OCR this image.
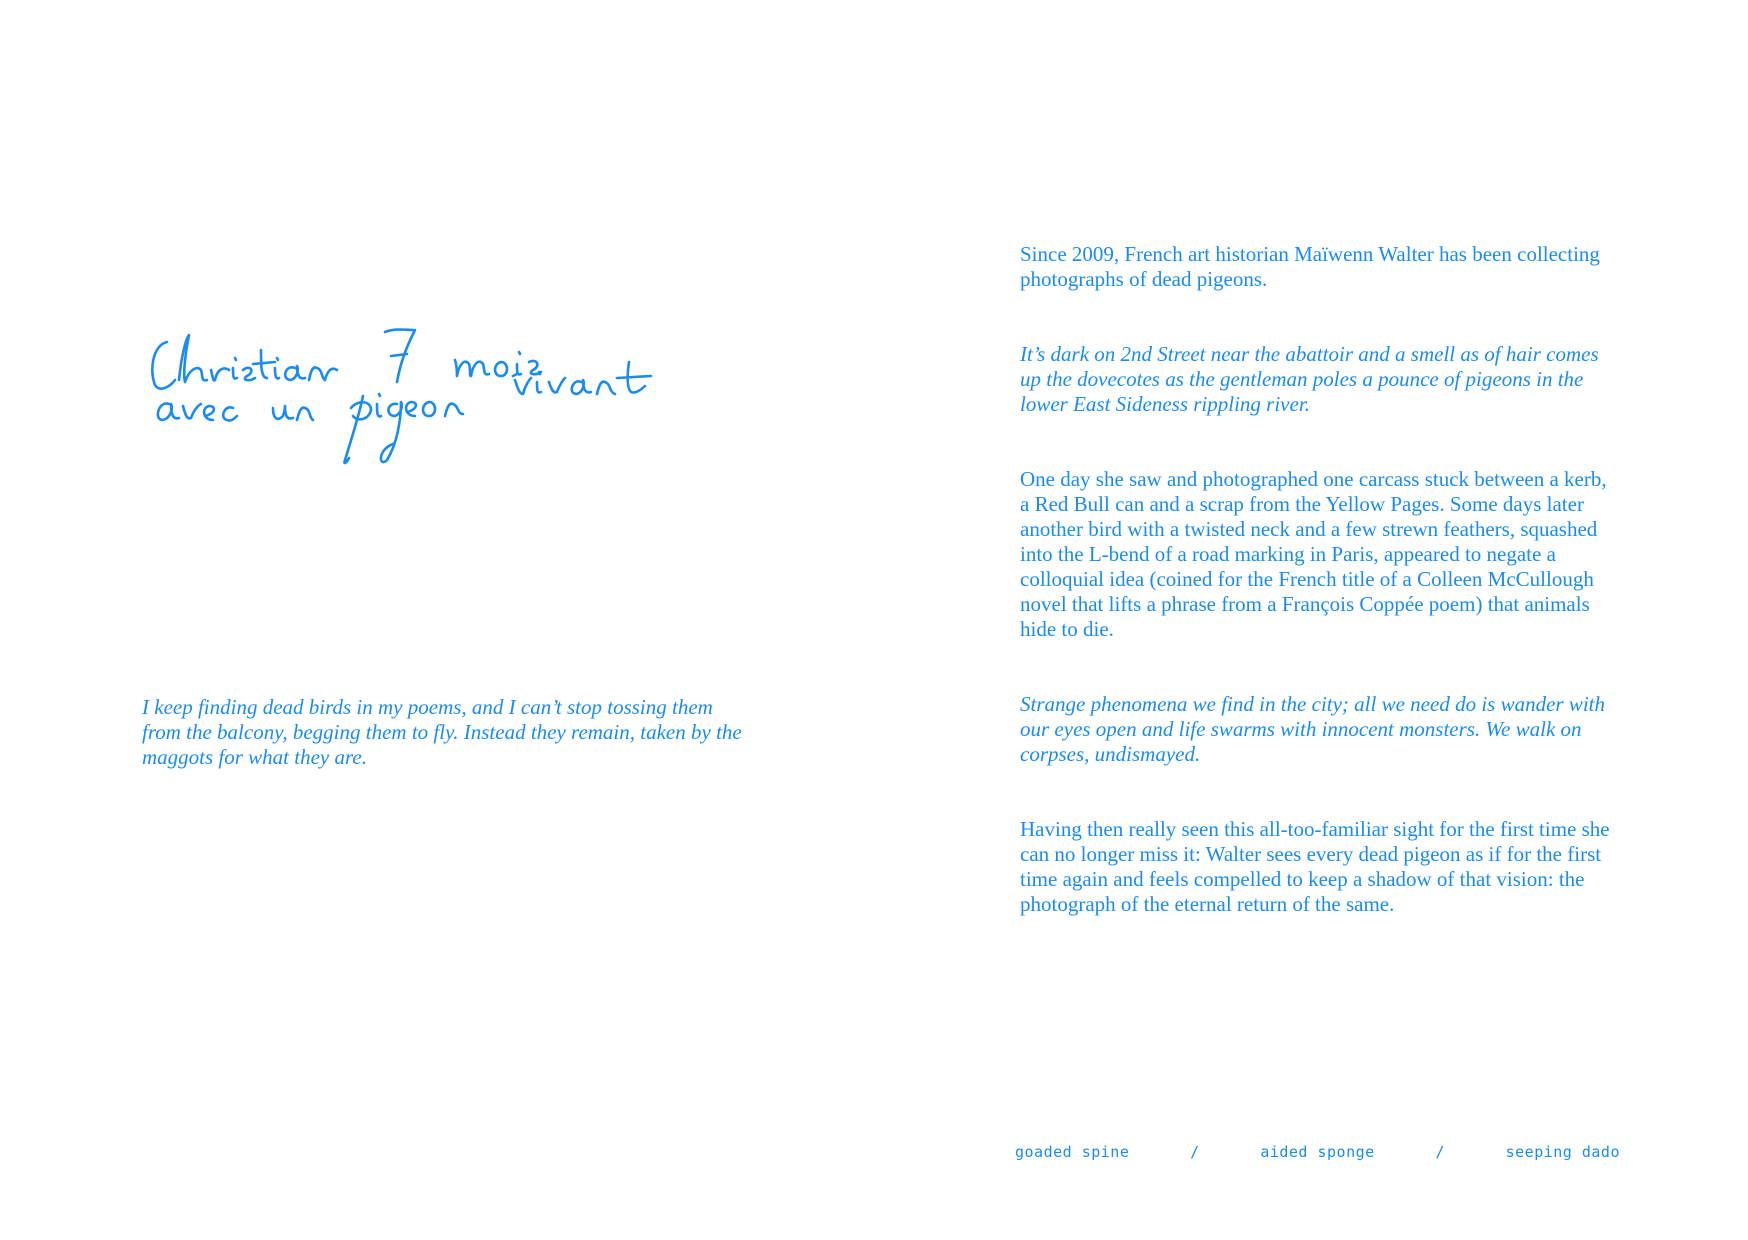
I keep finding dead birds in my poems, and I can’t stop tossing them from the balcony, begging them to fly. Instead they remain, taken by the maggots for what they are.

Since 2009, French art historian Maïwenn Walter has been collecting photographs of dead pigeons.

It’s dark on 2nd Street near the abattoir and a smell as of hair comes up the dovecotes as the gentleman poles a pounce of pigeons in the lower East Sideness rippling river.

One day she saw and photographed one carcass stuck between a kerb, a Red Bull can and a scrap from the Yellow Pages. Some days later another bird with a twisted neck and a few strewn feathers, squashed into the L-bend of a road marking in Paris, appeared to negate a colloquial idea (coined for the French title of a Colleen McCullough novel that lifts a phrase from a François Coppée poem) that animals hide to die.

Strange phenomena we find in the city; all we need do is wander with our eyes open and life swarms with innocent monsters. We walk on corpses, undismayed.

Having then really seen this all-too-familiar sight for the first time she can no longer miss it: Walter sees every dead pigeon as if for the first time again and feels compelled to keep a shadow of that vision: the photograph of the eternal return of the same.

goaded spine	/	aided sponge	/	seeping dado
